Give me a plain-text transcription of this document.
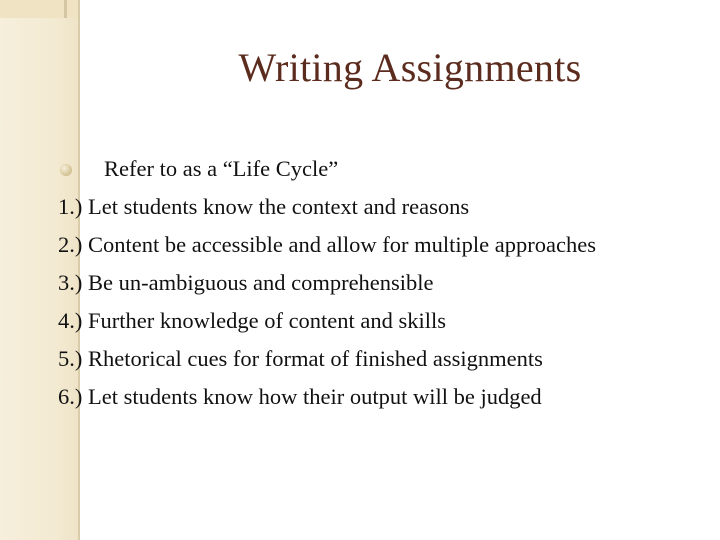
Writing Assignments
Refer to as a “Life Cycle”
1.) Let students know the context and reasons
2.) Content be accessible and allow for multiple approaches
3.) Be un-ambiguous and comprehensible
4.) Further knowledge of content and skills
5.) Rhetorical cues for format of finished assignments
6.) Let students know how their output will be judged
